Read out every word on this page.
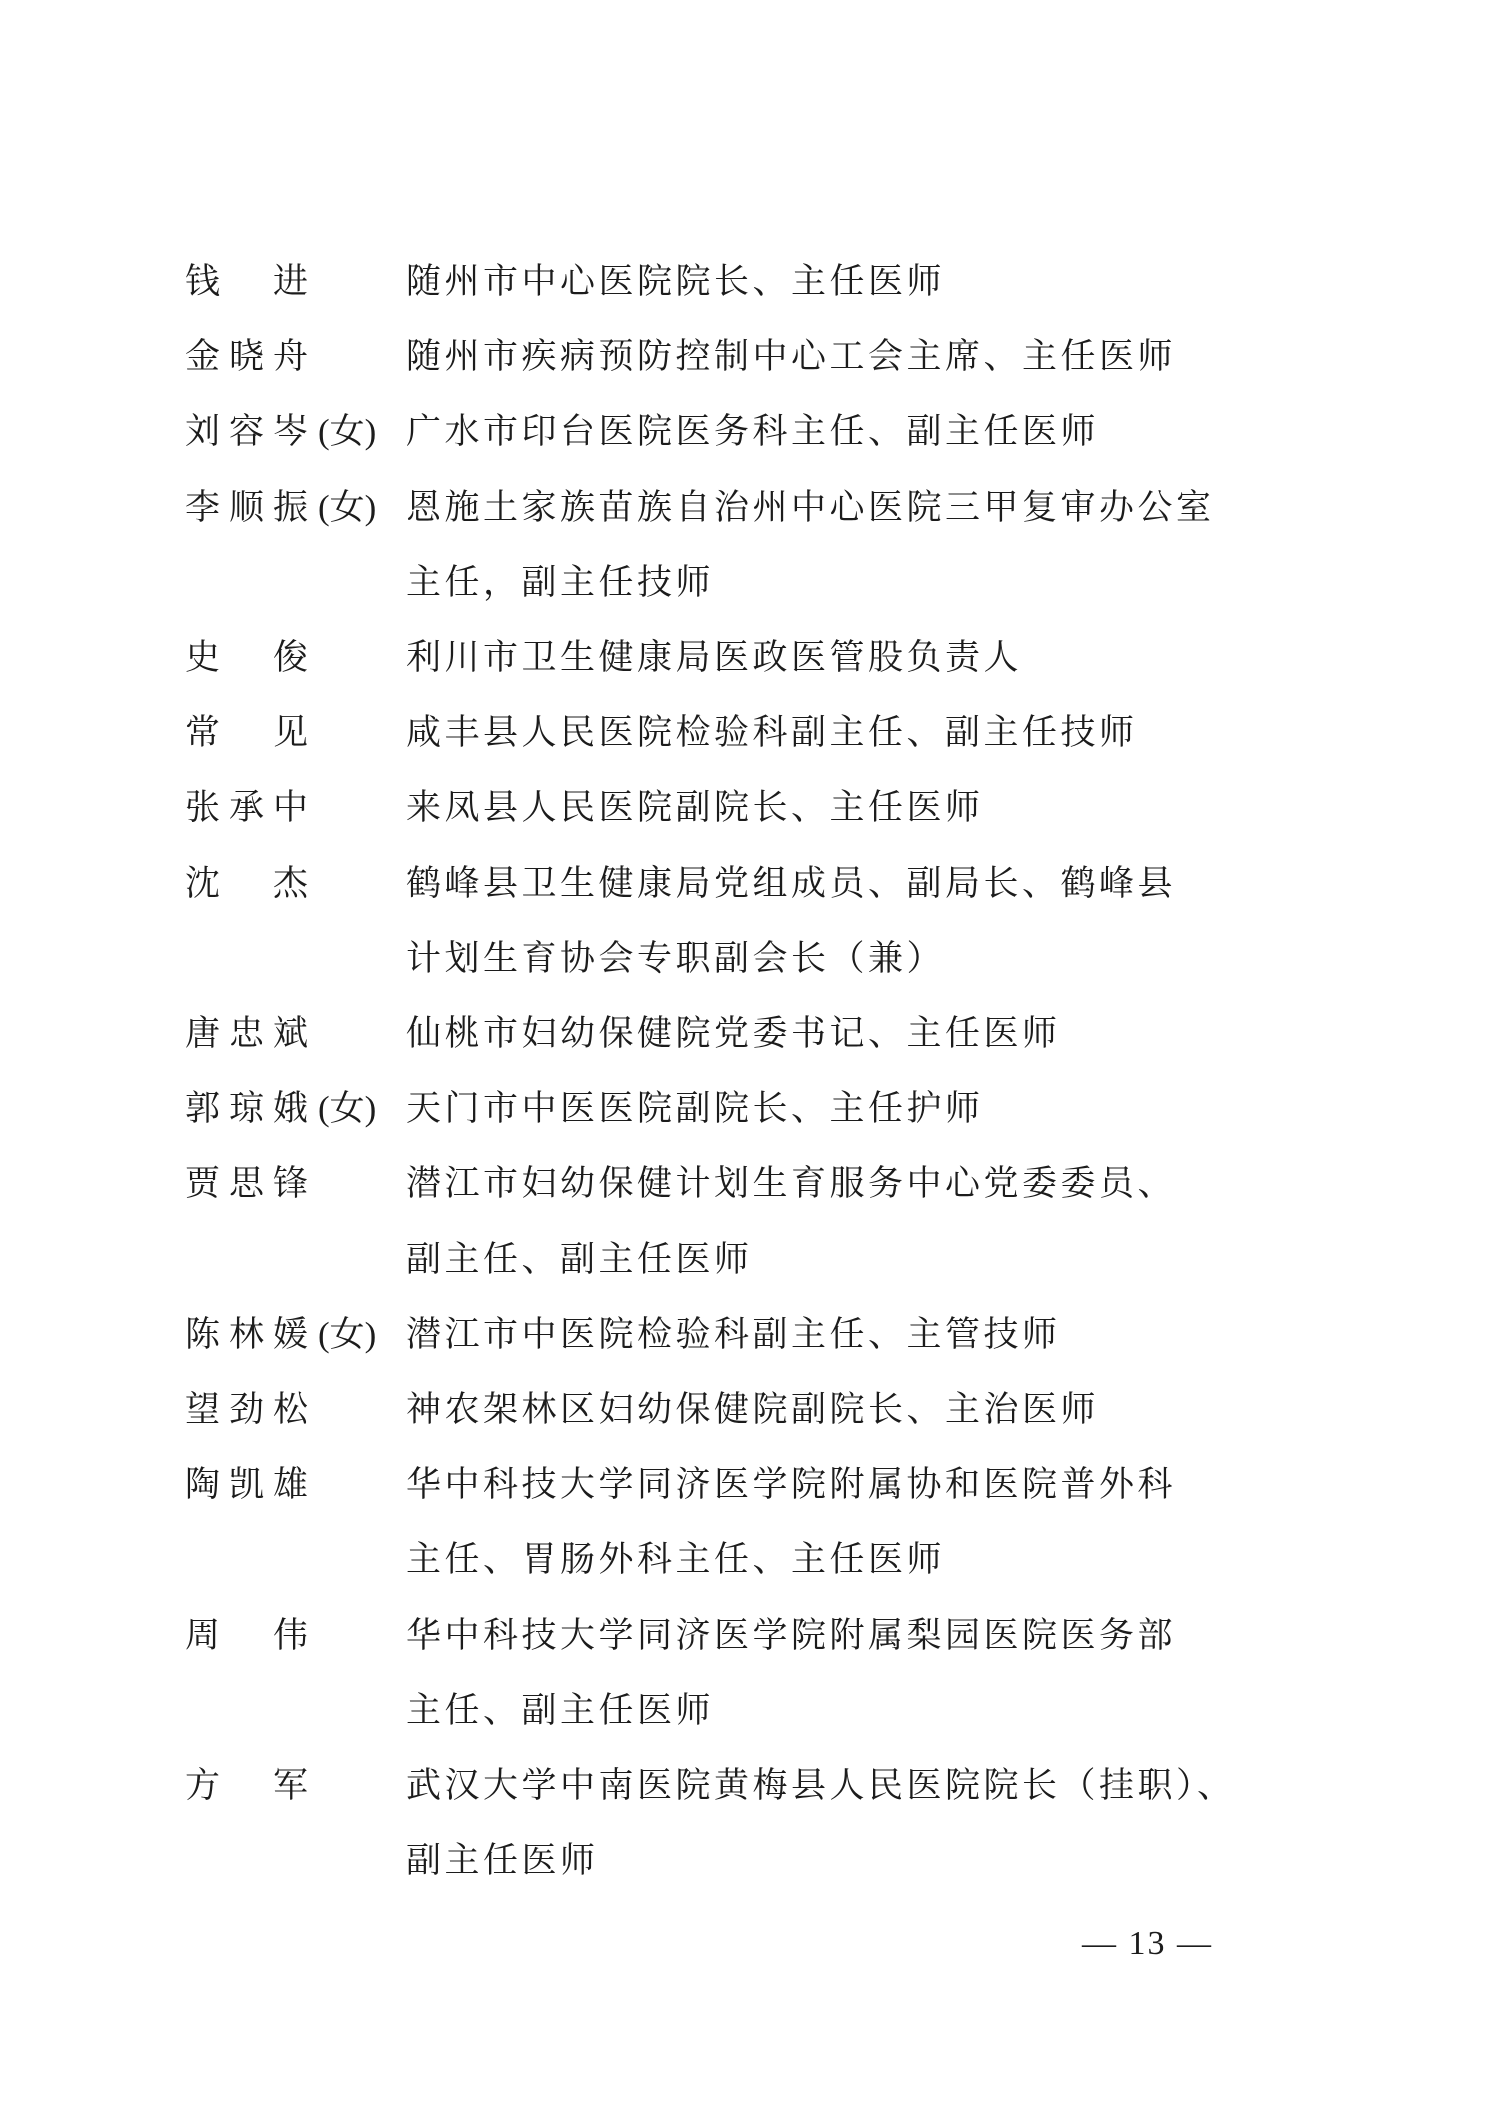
钱 进	随州市中心医院院长、主任医师
金晓舟	随州市疾病预防控制中心工会主席、主任医师
刘容岑 (女) 广水市印台医院医务科主任、副主任医师
李顺振 (女) 恩施土家族苗族自治州中心医院三甲复审办公室
主任，副主任技师
史 俊	利川市卫生健康局医政医管股负责人
常 见	咸丰县人民医院检验科副主任、副主任技师
张承中	来凤县人民医院副院长、主任医师
沈 杰	鹤峰县卫生健康局党组成员、副局长、鹤峰县
计划生育协会专职副会长（兼）
唐忠斌	仙桃市妇幼保健院党委书记、主任医师
郭琼娥 (女) 天门市中医医院副院长、主任护师
贾思锋	潜江市妇幼保健计划生育服务中心党委委员、
副主任、副主任医师
陈林媛 (女) 潜江市中医院检验科副主任、主管技师
望劲松	神农架林区妇幼保健院副院长、主治医师
陶凯雄	华中科技大学同济医学院附属协和医院普外科
主任、胃肠外科主任、主任医师
周 伟	华中科技大学同济医学院附属梨园医院医务部
主任、副主任医师
方 军	武汉大学中南医院黄梅县人民医院院长（挂职）、
副主任医师
— 13 —
